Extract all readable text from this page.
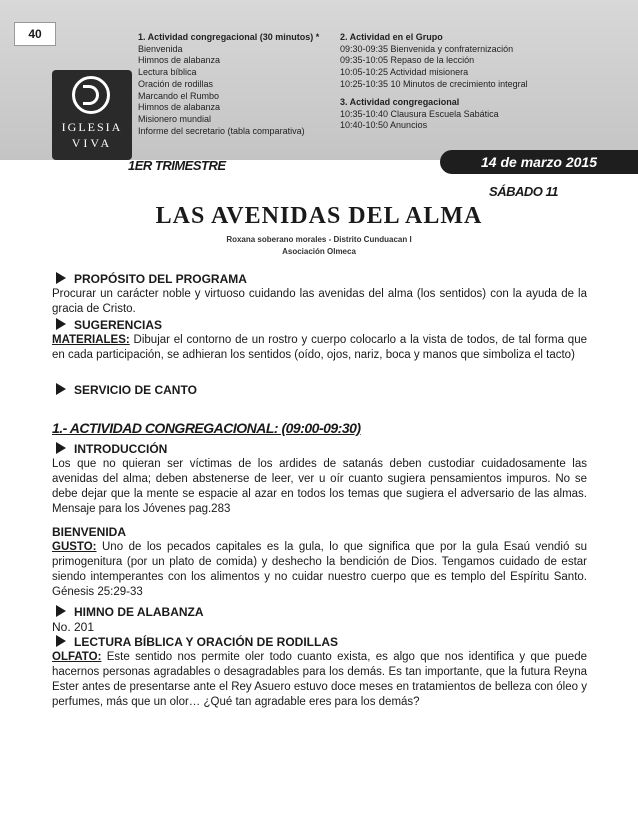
40
IGLESIA
VIVA
1. Actividad congregacional (30 minutos) *
Bienvenida
Himnos de alabanza
Lectura bíblica
Oración de rodillas
Marcando el Rumbo
Himnos de alabanza
Misionero mundial
Informe del secretario (tabla comparativa)
2. Actividad en el Grupo
09:30-09:35 Bienvenida y confraternización
09:35-10:05 Repaso de la lección
10:05-10:25 Actividad misionera
10:25-10:35 10 Minutos de crecimiento integral
3. Actividad congregacional
10:35-10:40 Clausura Escuela Sabática
10:40-10:50 Anuncios
1ER TRIMESTRE	14 de marzo 2015
SÁBADO 11
LAS AVENIDAS DEL ALMA
Roxana soberano morales - Distrito Cunduacan I
Asociación Olmeca
PROPÓSITO DEL PROGRAMA
Procurar un carácter noble y virtuoso cuidando las avenidas del alma (los sentidos) con la ayuda de la gracia de Cristo.
SUGERENCIAS
MATERIALES: Dibujar el contorno de un rostro y cuerpo colocarlo a la vista de todos, de tal forma que en cada participación, se adhieran los sentidos (oído, ojos, nariz, boca y manos que simboliza el tacto)
SERVICIO DE CANTO
1.- ACTIVIDAD CONGREGACIONAL: (09:00-09:30)
INTRODUCCIÓN
Los que no quieran ser víctimas de los ardides de satanás deben custodiar cuidadosamente las avenidas del alma; deben abstenerse de leer, ver u oír cuanto sugiera pensamientos impuros. No se debe dejar que la mente se espacie al azar en todos los temas que sugiera el adversario de las almas. Mensaje para los Jóvenes pag.283
BIENVENIDA
GUSTO: Uno de los pecados capitales es la gula, lo que significa que por la gula Esaú vendió su primogenitura (por un plato de comida) y deshecho la bendición de Dios. Tengamos cuidado de estar siendo intemperantes con los alimentos y no cuidar nuestro cuerpo que es templo del Espíritu Santo. Génesis 25:29-33
HIMNO DE ALABANZA
No. 201
LECTURA BÍBLICA Y ORACIÓN DE RODILLAS
OLFATO: Este sentido nos permite oler todo cuanto exista, es algo que nos identifica y que puede hacernos personas agradables o desagradables para los demás. Es tan importante, que la futura Reyna Ester antes de presentarse ante el Rey Asuero estuvo doce meses en tratamientos de belleza con óleo y perfumes, más que un olor… ¿Qué tan agradable eres para los demás?
